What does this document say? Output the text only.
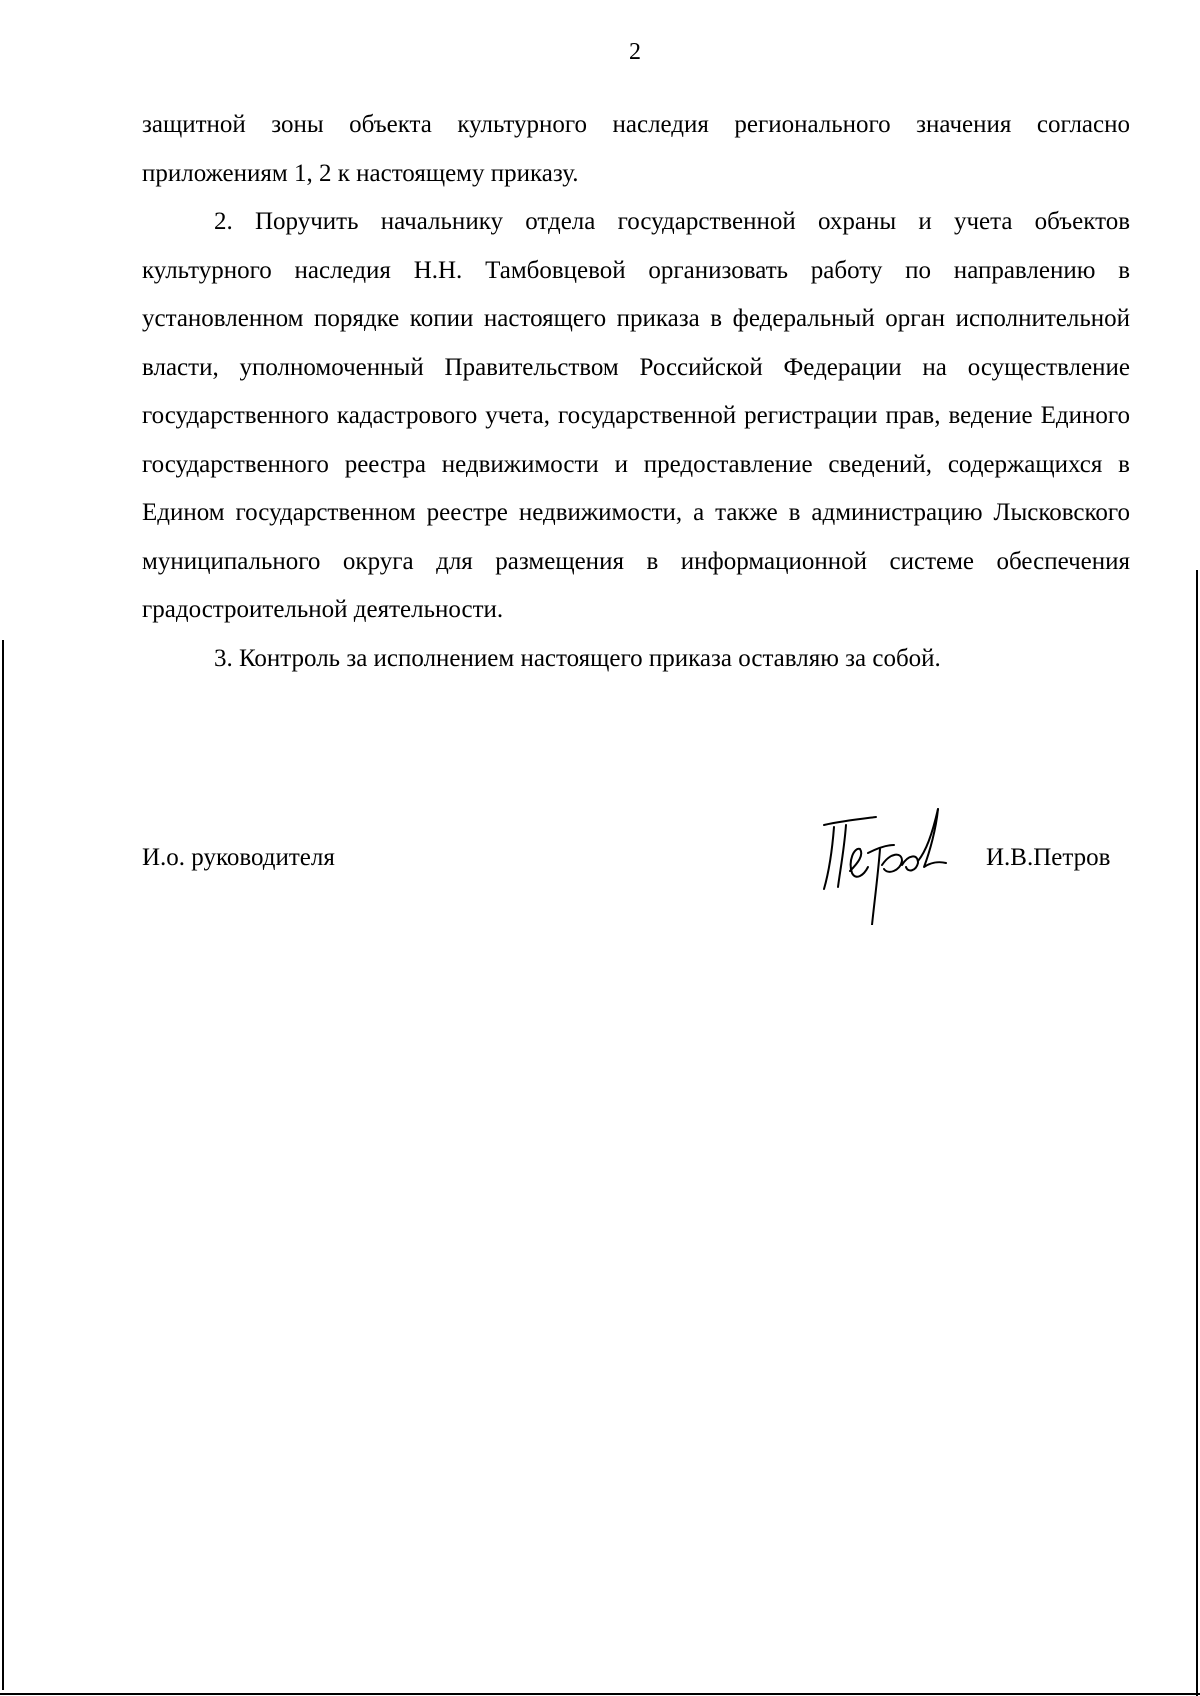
2

защитной зоны объекта культурного наследия регионального значения согласно приложениям 1, 2 к настоящему приказу.

2. Поручить начальнику отдела государственной охраны и учета объектов культурного наследия Н.Н. Тамбовцевой организовать работу по направлению в установленном порядке копии настоящего приказа в федеральный орган исполнительной власти, уполномоченный Правительством Российской Федерации на осуществление государственного кадастрового учета, государственной регистрации прав, ведение Единого государственного реестра недвижимости и предоставление сведений, содержащихся в Едином государственном реестре недвижимости, а также в администрацию Лысковского муниципального округа для размещения в информационной системе обеспечения градостроительной деятельности.

3. Контроль за исполнением настоящего приказа оставляю за собой.

И.о. руководителя	И.В.Петров
